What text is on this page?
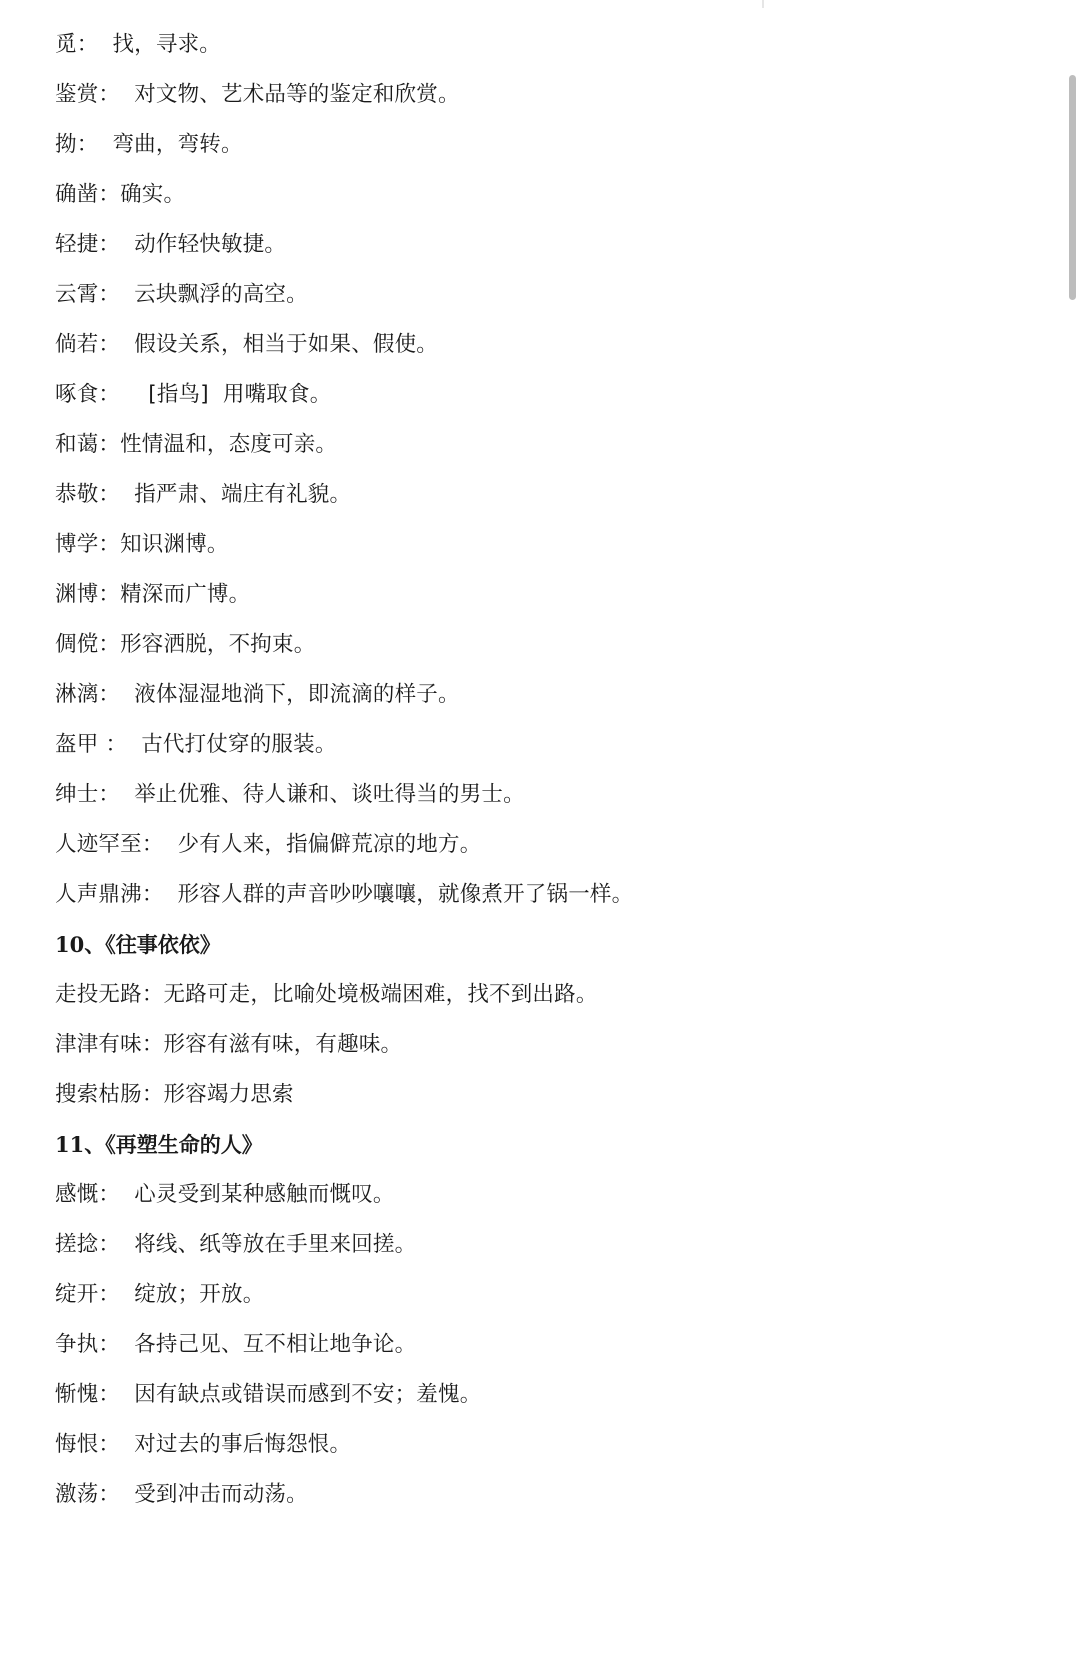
觅：  找，寻求。
鉴赏：  对文物、艺术品等的鉴定和欣赏。
拗：  弯曲，弯转。
确凿：确实。
轻捷：  动作轻快敏捷。
云霄：  云块飘浮的高空。
倘若：  假设关系，相当于如果、假使。
啄食：    [指鸟]  用嘴取食。
和蔼：性情温和，态度可亲。
恭敬：  指严肃、端庄有礼貌。
博学：知识渊博。
渊博：精深而广博。
倜傥：形容洒脱，不拘束。
淋漓：  液体湿湿地淌下，即流滴的样子。
盔甲 ：  古代打仗穿的服装。
绅士：  举止优雅、待人谦和、谈吐得当的男士。
人迹罕至：  少有人来，指偏僻荒凉的地方。
人声鼎沸：  形容人群的声音吵吵嚷嚷，就像煮开了锅一样。
10、《往事依依》
走投无路：无路可走，比喻处境极端困难，找不到出路。
津津有味：形容有滋有味，有趣味。
搜索枯肠：形容竭力思索
11、《再塑生命的人》
感慨：  心灵受到某种感触而慨叹。
搓捻：  将线、纸等放在手里来回搓。
绽开：  绽放；开放。
争执：  各持己见、互不相让地争论。
惭愧：  因有缺点或错误而感到不安；羞愧。
悔恨：  对过去的事后悔怨恨。
激荡：  受到冲击而动荡。
